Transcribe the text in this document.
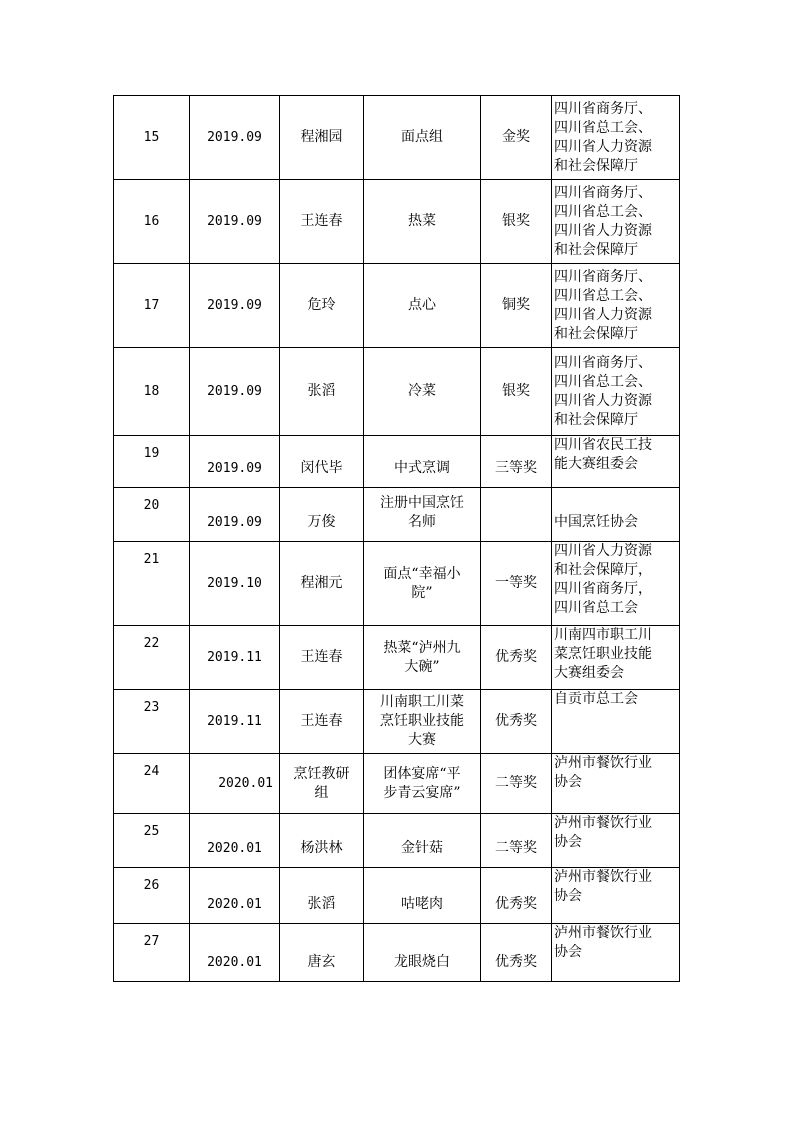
15	2019.09	程湘园	面点组	金奖	四川省商务厅、
四川省总工会、
四川省人力资源
和社会保障厅
16	2019.09	王连春	热菜	银奖	四川省商务厅、
四川省总工会、
四川省人力资源
和社会保障厅
17	2019.09	危玲	点心	铜奖	四川省商务厅、
四川省总工会、
四川省人力资源
和社会保障厅
18	2019.09	张滔	冷菜	银奖	四川省商务厅、
四川省总工会、
四川省人力资源
和社会保障厅
19	2019.09	闵代毕	中式烹调	三等奖	四川省农民工技
能大赛组委会
20	2019.09	万俊	注册中国烹饪
名师		中国烹饪协会
21	2019.10	程湘元	面点“幸福小
院”	一等奖	四川省人力资源
和社会保障厅，
四川省商务厅，
四川省总工会
22	2019.11	王连春	热菜“泸州九
大碗”	优秀奖	川南四市职工川
菜烹饪职业技能
大赛组委会
23	2019.11	王连春	川南职工川菜
烹饪职业技能
大赛	优秀奖	自贡市总工会
24	2020.01	烹饪教研
组	团体宴席“平
步青云宴席”	二等奖	泸州市餐饮行业
协会
25	2020.01	杨洪林	金针菇	二等奖	泸州市餐饮行业
协会
26	2020.01	张滔	咕咾肉	优秀奖	泸州市餐饮行业
协会
27	2020.01	唐玄	龙眼烧白	优秀奖	泸州市餐饮行业
协会
